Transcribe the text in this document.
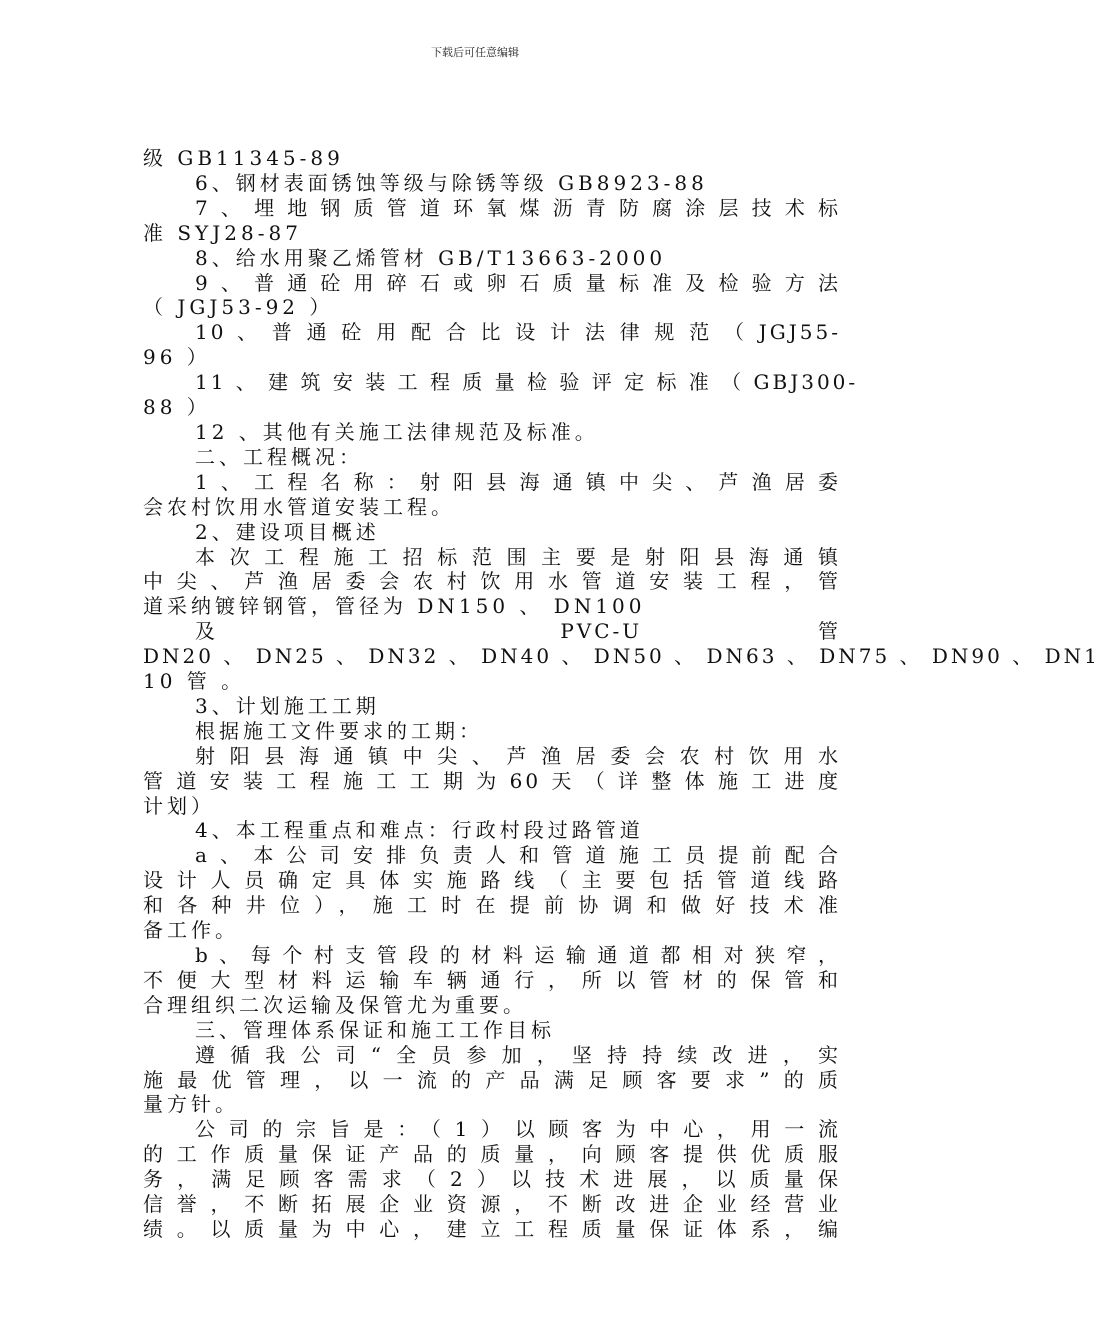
下载后可任意编辑
级 GB11345-89
6、钢材表面锈蚀等级与除锈等级 GB8923-88
7、埋地钢质管道环氧煤沥青防腐涂层技术标
准 SYJ28-87
8、给水用聚乙烯管材 GB/T13663-2000
9、普通砼用碎石或卵石质量标准及检验方法
（ JGJ53-92 ）
10 、 普 通 砼 用 配 合 比 设 计 法 律 规 范 （ JGJ55-
96 ）
11 、 建 筑 安 装 工 程 质 量 检 验 评 定 标 准 （ GBJ300-
88 ）
12 、其他有关施工法律规范及标准。
二、工程概况：
1、工程名称：射阳县海通镇中尖、芦渔居委
会农村饮用水管道安装工程。
2、建设项目概述
本次工程施工招标范围主要是射阳县海通镇
中尖、芦渔居委会农村饮用水管道安装工程，管
道采纳镀锌钢管，管径为 DN150 、 DN100
及 PVC-U 管
DN20 、 DN25 、 DN32 、 DN40 、 DN50 、 DN63 、 DN75 、 DN90 、 DN1
10 管 。
3、计划施工工期
根据施工文件要求的工期：
射阳县海通镇中尖、芦渔居委会农村饮用水
管道安装工程施工工期为60天（详整体施工进度
计划）
4、本工程重点和难点：行政村段过路管道
a、本公司安排负责人和管道施工员提前配合
设计人员确定具体实施路线（主要包括管道线路
和各种井位），施工时在提前协调和做好技术准
备工作。
b、每个村支管段的材料运输通道都相对狭窄，
不便大型材料运输车辆通行，所以管材的保管和
合理组织二次运输及保管尤为重要。
三、管理体系保证和施工工作目标
遵循我公司“全员参加，坚持持续改进，实
施最优管理，以一流的产品满足顾客要求”的质
量方针。
公司的宗旨是：（1）以顾客为中心，用一流
的工作质量保证产品的质量，向顾客提供优质服
务，满足顾客需求（2）以技术进展，以质量保
信誉，不断拓展企业资源，不断改进企业经营业
绩。以质量为中心，建立工程质量保证体系，编
